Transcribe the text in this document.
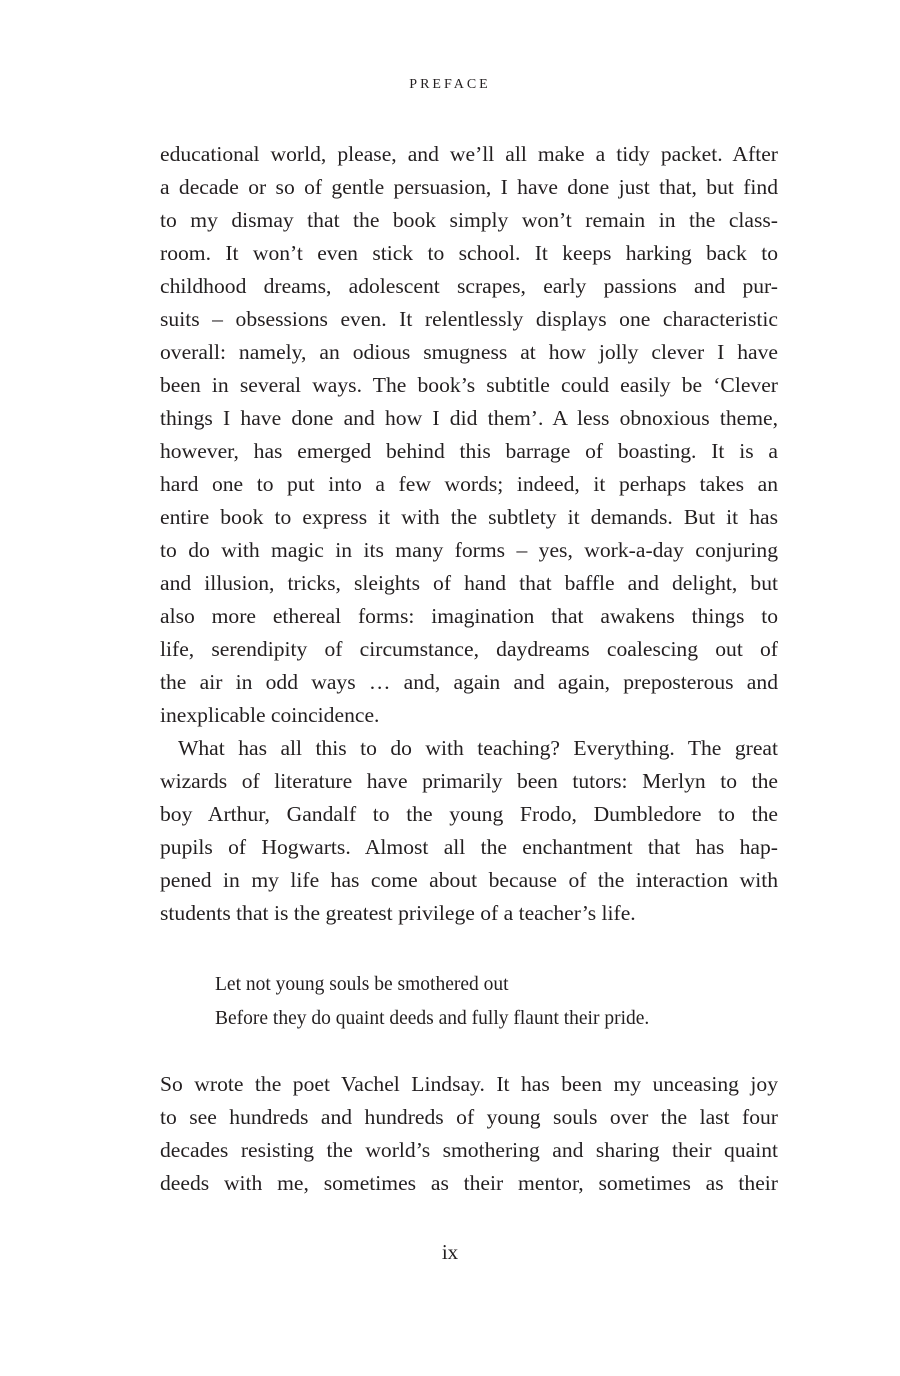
PREFACE
educational world, please, and we’ll all make a tidy packet. After
a decade or so of gentle persuasion, I have done just that, but find
to my dismay that the book simply won’t remain in the class-
room. It won’t even stick to school. It keeps harking back to
childhood dreams, adolescent scrapes, early passions and pur-
suits – obsessions even. It relentlessly displays one characteristic
overall: namely, an odious smugness at how jolly clever I have
been in several ways. The book’s subtitle could easily be ‘Clever
things I have done and how I did them’. A less obnoxious theme,
however, has emerged behind this barrage of boasting. It is a
hard one to put into a few words; indeed, it perhaps takes an
entire book to express it with the subtlety it demands. But it has
to do with magic in its many forms – yes, work-a-day conjuring
and illusion, tricks, sleights of hand that baffle and delight, but
also more ethereal forms: imagination that awakens things to
life, serendipity of circumstance, daydreams coalescing out of
the air in odd ways … and, again and again, preposterous and
inexplicable coincidence.
What has all this to do with teaching? Everything. The great
wizards of literature have primarily been tutors: Merlyn to the
boy Arthur, Gandalf to the young Frodo, Dumbledore to the
pupils of Hogwarts. Almost all the enchantment that has hap-
pened in my life has come about because of the interaction with
students that is the greatest privilege of a teacher’s life.
Let not young souls be smothered out
Before they do quaint deeds and fully flaunt their pride.
So wrote the poet Vachel Lindsay. It has been my unceasing joy
to see hundreds and hundreds of young souls over the last four
decades resisting the world’s smothering and sharing their quaint
deeds with me, sometimes as their mentor, sometimes as their
ix
